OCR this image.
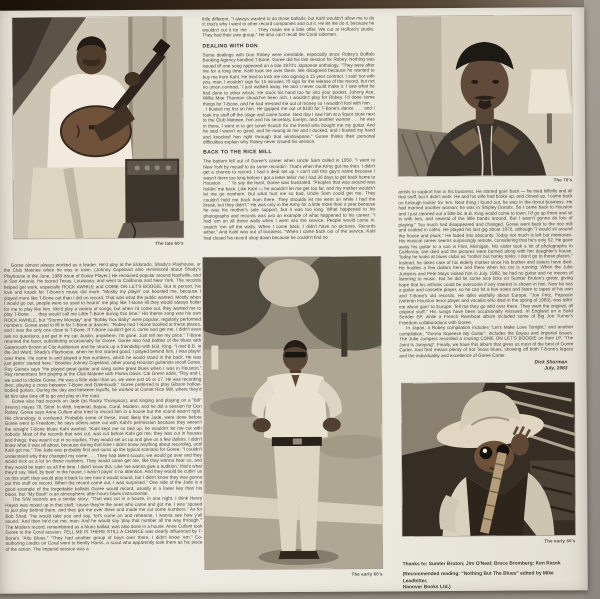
The late 60's

little different. "I always wanted to do those ballads, but Kahl wouldn't allow me to do it; that's why I went to other record companies and cut it. He let me do it, because he wouldn't cut it for me . . . They made me a little offer. We cut at Holford's studio. They had their own group." He also can't recall the Coral sidemen.

DEALING WITH DON

Some dealings with Don Robey were inevitable, especially since Robey's Buffalo Booking Agency handled T-Bone. Goree did his last session for Robey. Nothing was issued till one song appeared on a late 1970's Japanese anthology. "They were after me for a long time. Kahl took me over there. We disagreed because he wanted to buy me from Kahl. He tried to trick me into signing a 15 year contract. I said 'not with you, man. I wouldn't sign for 15 minutes. I'll sign for the release of the record, but not no union contract.' I just walked away. He and I never could make it. I saw what he had done to other artists. He stuck his hand too far into your pocket. Johnny Ace, Willie Mae Thornton should've been rich. I wouldn't play for Robey. I'd done some things for T-Bone, and he had messed me out of money so I wouldn't fool with him . . . I busted my fist on him. He gypped me out of $100 for T-Bone's dance . . . and I took my stuff off the stage and came home. Next day I saw him at a liquor store next to the Club Matinee, him and his secretary, Evelyn, and another woman . . . he was in there, I went in to get some Scotch for the friend who bought me my guitar. And he said I wasn't no good, and he swung at me and I ducked, and I busted my hand and knocked him right through that windowpane." Goree thinks their personal difficulties explain why Robey never issued his session.

BACK TO THE RICE MILL

The bottom fell out of Goree's career when Uncle Sam called in 1950. "I went to New York by myself to do some recordin'. That's when the Army got me then. I didn't get a chance to record. I had a deal set up. I can't call this guy's name because I wasn't there too long before I got a letter tellin' me I had 30 days to get back home to Houston . . ." To say the least, Goree was frustrated. "Peoples that was around was holdin' me back. Like Kahl — he wouldn't let me get too far, and my mother wouldn't let me go nowhere. But what hurt me so bad, Uncle Sam could get me. They couldn't hold me back from there. They shoulda let me went on while I had the break, but they didn't." He was only in the Army for a little more than a year because he was his mother's sole support, but it was too long. What happened to his photographs and records was just an example of what happened to his career: "I had 'em on all these walls when I went into the service. People would come in, snatch 'em off the walls. When I come back, I didn't have no pictures. Records either." And Kahl was out of business. "When I came back out of the service, Kahl had closed his record shop down because he couldn't find no

The 70's

artists to support him in his business. He started goin' back — he tried hillbilly and all that stuff, but it didn't work. He and his wife had broke up, and closed up. I came back on furlough lookin' for 'em. Next thing I found out, he was in the donut business. He had married another woman; he was in Shipley Donuts. So I came back to Houston and I just cleaned out a little bit. B.B. King would come to town. I'd go up there and sit in with him, and several of the little bands around. But I wasn't gonna do lots of playing." Too much had disappeared and changed. Goree went back to the rice mill and cooked in cafes. He played his last gig about 1970, although "I would sit around the house and pluck." He faded into obscurity. Today not much is left but memories. His musical career seems surprisingly remote, considering that he's only 52. He gave away his guitar to a son in Flint, Michigan. His sister took a lot of photographs to California; she died and the pictures were burned along with her daughter's house. Today he looks at blues clubs as "nothin' but honky tonks. I don't go to those places." Instead, he takes care of his elderly mother since his brother and sisters have died. He hustles a few dollars here and there when his car is running. When the Juke Jumpers and Pete Mays visited him in July, 1982, he had no guitar and no means of listening to music. But he did hit some nice licks on Sumter Bruton's guitar, giving hope that his arthritis could be overcome if any interest is shown in him. Now he has a guitar and cassette player, so he can hit a few notes and listen to tapes of his own and T-Bone's old records. He talks wistfully about Europe: "Joe Fritz, Papoose (veteran Houston tenor player and vocalist who died in the spring of 1983), was tellin' me about goin' to Europe. Tell me they go wild over there. They want the original, all original stuff." His songs have been occasionally reissued. In England on a Solid Sender EP, while a French Riverboat album included some of Big Joe Turner's Freedom collaborations with Goree.

In Japan, a Robey compilation includes "Let's Make Love Tonight," and another compilation, "Gonna Squeeze My Guitar", includes the Bayou and Imperial issues. The Juke Jumpers recorded a rousing COME ON LET'S BOOGIE on their LP, "The Joint Is Jumping". Finally, we have this album that gives us most of the best of Goree Carter. And that means plenty of hot Texas blues, showing off both T-Bone's legacy and the individuality and excellence of Goree Carter.

Dick Shurman
July, 1983

Goree almost always worked as a leader. He'd play at the Eldorado, Shady's Playhouse, or the Club Matinee when he was in town. (Johnny Copeland also reminisced about Shady's Playhouse in the June, 1983 issue of Guitar Player.) He remained popular around Nashville, and in San Antonio. He toured Texas, Louisiana, and went to California and New York. The records helped get work, especially ROCK AWHILE and COME ON LET'S BOOGIE. But in person, his love and knack for T-Bone's music did more. "Mostly my playin' out boosted me, because I played more like T-Bone out than I did on record. That was what the public wanted. Mostly when I would go out, people were so used to hearin' me play like T-Bone till they would always holler for me to play like him. We'd play a variety of songs, but when I'd come out, they wanted me to play T-Bone . . . they would call me Little T-Bone during this time." His theme song was his own ROCK AWHILE, but "Stormy Monday" and "Bobby Sox Baby" were popular, regularly performed numbers. Goree used to fill in for T-Bone at dances. "Robey had T-Bone booked at these places, and I was the only one close to T-Bone. If T-Bone couldn't get it, come and get me. I didn't even ask no questions, just get in my car. Austin, anywhere, I'm gone. Just tell me my price." T-Bone returned the favor, substituting occasionally for Goree. Goree also had battles of the blues with Gatemouth Brown at City Auditorium and he struck up a friendship with B.B. King: "I met B.B. in the 3rd Ward, Shady's Playhouse, when he first started good. I played behind him, I was playin' over there. He came in and played a few numbers, which he would stand in the back. He was just gettin' started here." Besides Johnny Copeland, other young Houston guitarists recall Goree. Roy Gaines says "He played great guitar and sang some great blues when I was in Houston." Roy remembers him playing at the Club Matinee with Pluma Davis. Cal Green adds, "Roy and I, we used to idolize Goree. He was a little older than us, we were just 16 or 17. He was recording then, playing a cross between T-Bone and Gatemouth." Goree preferred to play Gibson hollow-bodied guitars. During the day and between layoffs, he worked at Comet Rice Mill, where they'd let him take time off to go and play on the road.

Goree also had records on Jade (as Rocky Thompson), and singing and playing on a "Bill" (Henry) Hayes 78, Sittin' In With, Imperial, Bayou, Coral, Modern, and he did a session for Don Robey. Goree says Anne Cullum also tried to record him in a house but the sound wasn't right. His chronology is confused. Probably some of these, most likely the Jade, were done before Goree went to Freedom; he says others were cut with Kahl's permission because they weren't the straight T-Bone blues Kahl wanted. "Kahl kept me so tied up, he wouldn't let me cut with nobody. Most of the records that was cut, was cut before Kahl got me; they was cut in houses and things; they wasn't cut in no studios. They would set us up and give us a few dollars. I didn't know what it was all about, because during that time I didn't know anything about recording, until Kahl got me." The Jade was probably first and sums up the typical scenario for Goree: "I couldn't understand why they changed my name . . . They had talent scouts; we would go over and they would trick us a lot on these numbers. They would come get me, like they wanna hear us, and they would be tapin' us all the time. I didn't know this. Like 'we wanna give a audition,' that's what they'd say. Well, by bein' in the house, I wasn't payin' it no attention. And they would be cuttin' us on this stuff; they would play it back to see how it would sound, but I didn't know they was gonna put this stuff on record. When the record came out, I was surprised." One side of the Jade is a good example of the forgettable ballads Goree would record, usually in a lower key than his blues. But "My Bash" is an atmospheric after-hours blues instrumental.

The S/W records are a similar story: "That was cut in a house, in one night. I think Henry Hayes was mixed up in that stuff, 'cause they're the ones who came and got me. I was 'sposed to just play behind them, and they got me over there and made me cut some numbers." As for Bob Shad: "He would take you and say, 'let's come on and rehearse, I wanna see how y'all sound.' And then he'd cut me, man. And he would say 'play that number all the way through.'" The Modern record, remembered as a blues ballad, was also done in a house. Anne Cullum took Goree to the Coral session. TELL ME IS THERE STILL A CHANCE was clearly influenced by T-Bone's "Alto Blues." "They had another group of boys over there, I didn't know 'em." Co-authoring credits on Coral went to Bently Harris, a scout who apparently took them as his piece of the action. The Imperial session was a

The early 60's
The early 80's
Thanks to: Sumter Bruton; Jim O'Neal; Bruce Bromberg; Ken Rasek
(Recommended reading: "Nothing But The Blues" edited by Mike Leadbitter,
Hanover Books Ltd.)
